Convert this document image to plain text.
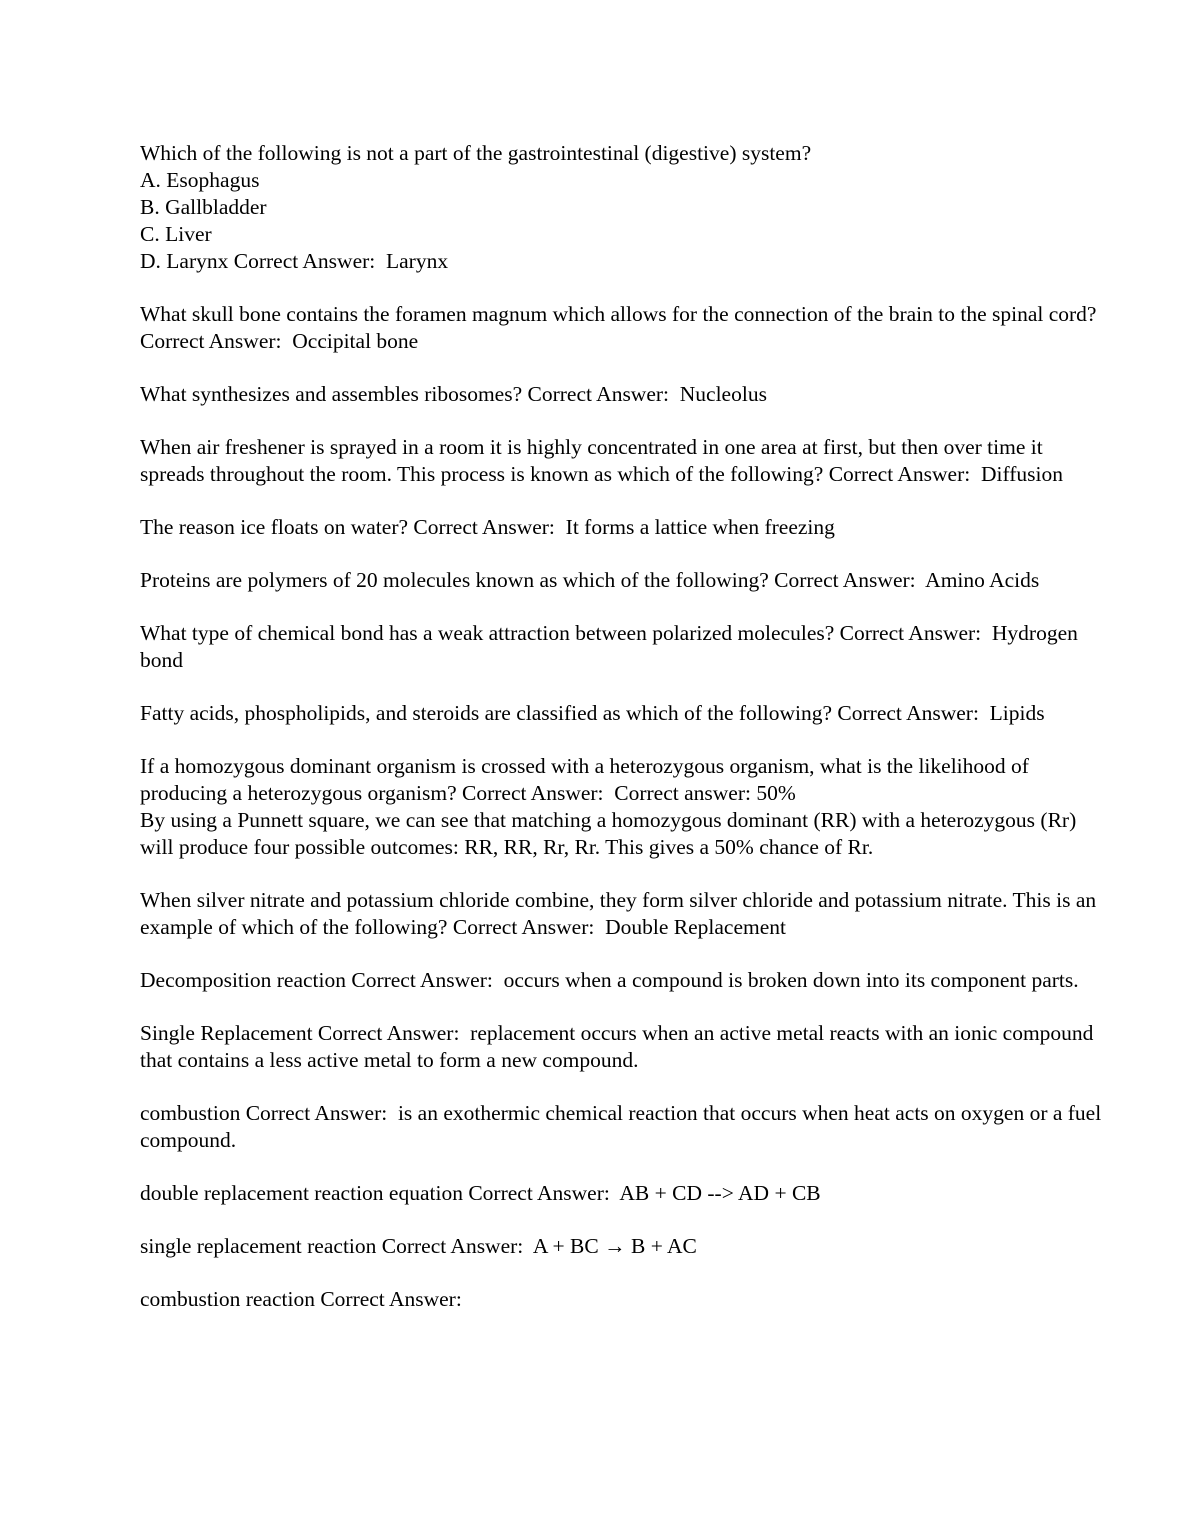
Which of the following is not a part of the gastrointestinal (digestive) system?
A. Esophagus
B. Gallbladder
C. Liver
D. Larynx Correct Answer:  Larynx
What skull bone contains the foramen magnum which allows for the connection of the brain to the spinal cord?
Correct Answer:  Occipital bone
What synthesizes and assembles ribosomes? Correct Answer:  Nucleolus
When air freshener is sprayed in a room it is highly concentrated in one area at first, but then over time it
spreads throughout the room. This process is known as which of the following? Correct Answer:  Diffusion
The reason ice floats on water? Correct Answer:  It forms a lattice when freezing
Proteins are polymers of 20 molecules known as which of the following? Correct Answer:  Amino Acids
What type of chemical bond has a weak attraction between polarized molecules? Correct Answer:  Hydrogen
bond
Fatty acids, phospholipids, and steroids are classified as which of the following? Correct Answer:  Lipids
If a homozygous dominant organism is crossed with a heterozygous organism, what is the likelihood of
producing a heterozygous organism? Correct Answer:  Correct answer: 50%
By using a Punnett square, we can see that matching a homozygous dominant (RR) with a heterozygous (Rr)
will produce four possible outcomes: RR, RR, Rr, Rr. This gives a 50% chance of Rr.
When silver nitrate and potassium chloride combine, they form silver chloride and potassium nitrate. This is an
example of which of the following? Correct Answer:  Double Replacement
Decomposition reaction Correct Answer:  occurs when a compound is broken down into its component parts.
Single Replacement Correct Answer:  replacement occurs when an active metal reacts with an ionic compound
that contains a less active metal to form a new compound.
combustion Correct Answer:  is an exothermic chemical reaction that occurs when heat acts on oxygen or a fuel
compound.
double replacement reaction equation Correct Answer:  AB + CD --> AD + CB
single replacement reaction Correct Answer:  A + BC → B + AC
combustion reaction Correct Answer:
